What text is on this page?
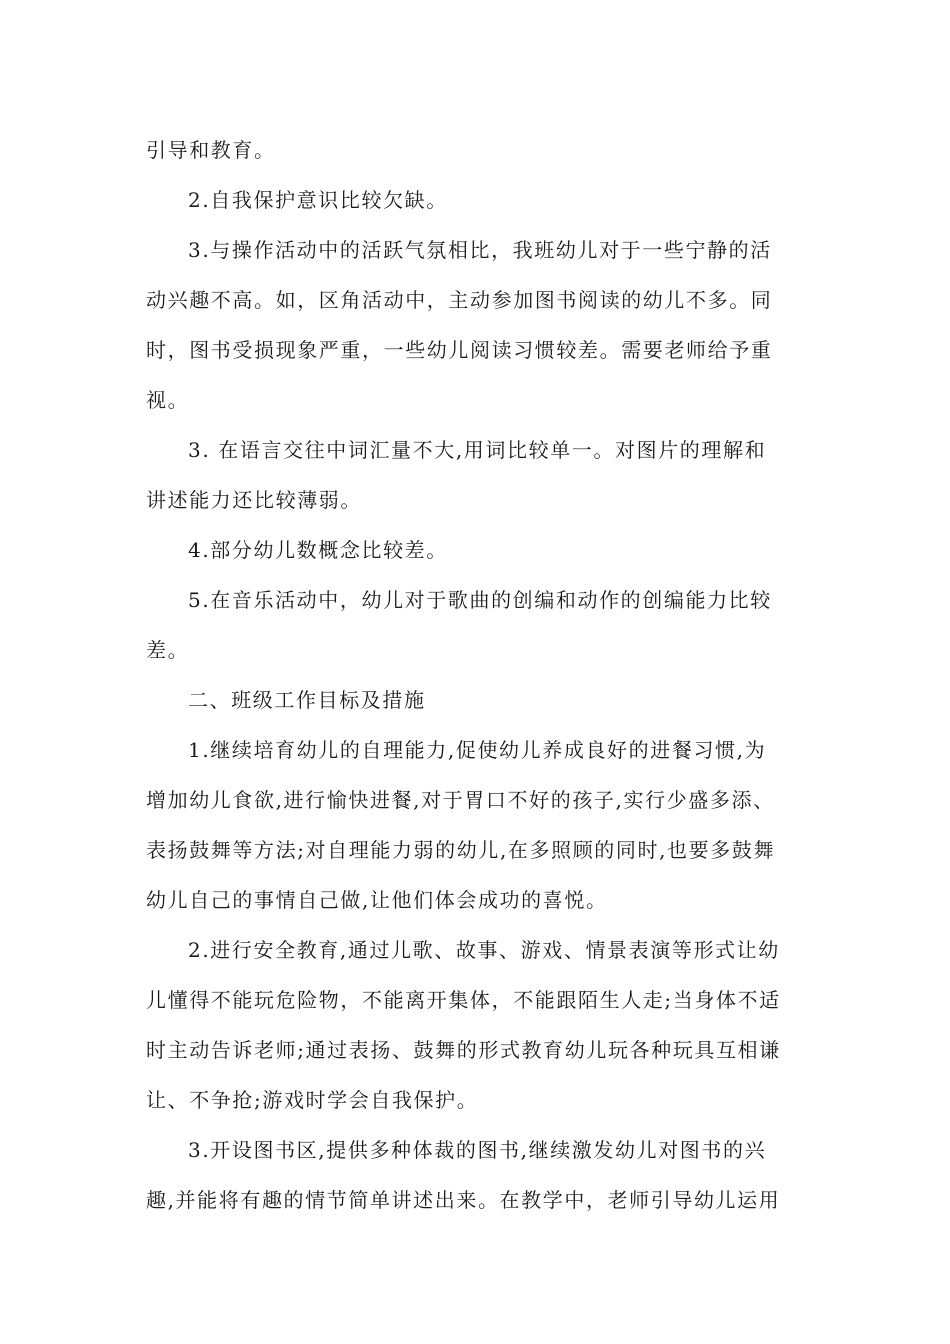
引导和教育。
2.自我保护意识比较欠缺。
3.与操作活动中的活跃气氛相比，我班幼儿对于一些宁静的活
动兴趣不高。如，区角活动中，主动参加图书阅读的幼儿不多。同
时，图书受损现象严重，一些幼儿阅读习惯较差。需要老师给予重
视。
3. 在语言交往中词汇量不大,用词比较单一。对图片的理解和
讲述能力还比较薄弱。
4.部分幼儿数概念比较差。
5.在音乐活动中，幼儿对于歌曲的创编和动作的创编能力比较
差。
二、班级工作目标及措施
1.继续培育幼儿的自理能力,促使幼儿养成良好的进餐习惯,为
增加幼儿食欲,进行愉快进餐,对于胃口不好的孩子,实行少盛多添、
表扬鼓舞等方法;对自理能力弱的幼儿,在多照顾的同时,也要多鼓舞
幼儿自己的事情自己做,让他们体会成功的喜悦。
2.进行安全教育,通过儿歌、故事、游戏、情景表演等形式让幼
儿懂得不能玩危险物，不能离开集体，不能跟陌生人走;当身体不适
时主动告诉老师;通过表扬、鼓舞的形式教育幼儿玩各种玩具互相谦
让、不争抢;游戏时学会自我保护。
3.开设图书区,提供多种体裁的图书,继续激发幼儿对图书的兴
趣,并能将有趣的情节简单讲述出来。在教学中，老师引导幼儿运用
